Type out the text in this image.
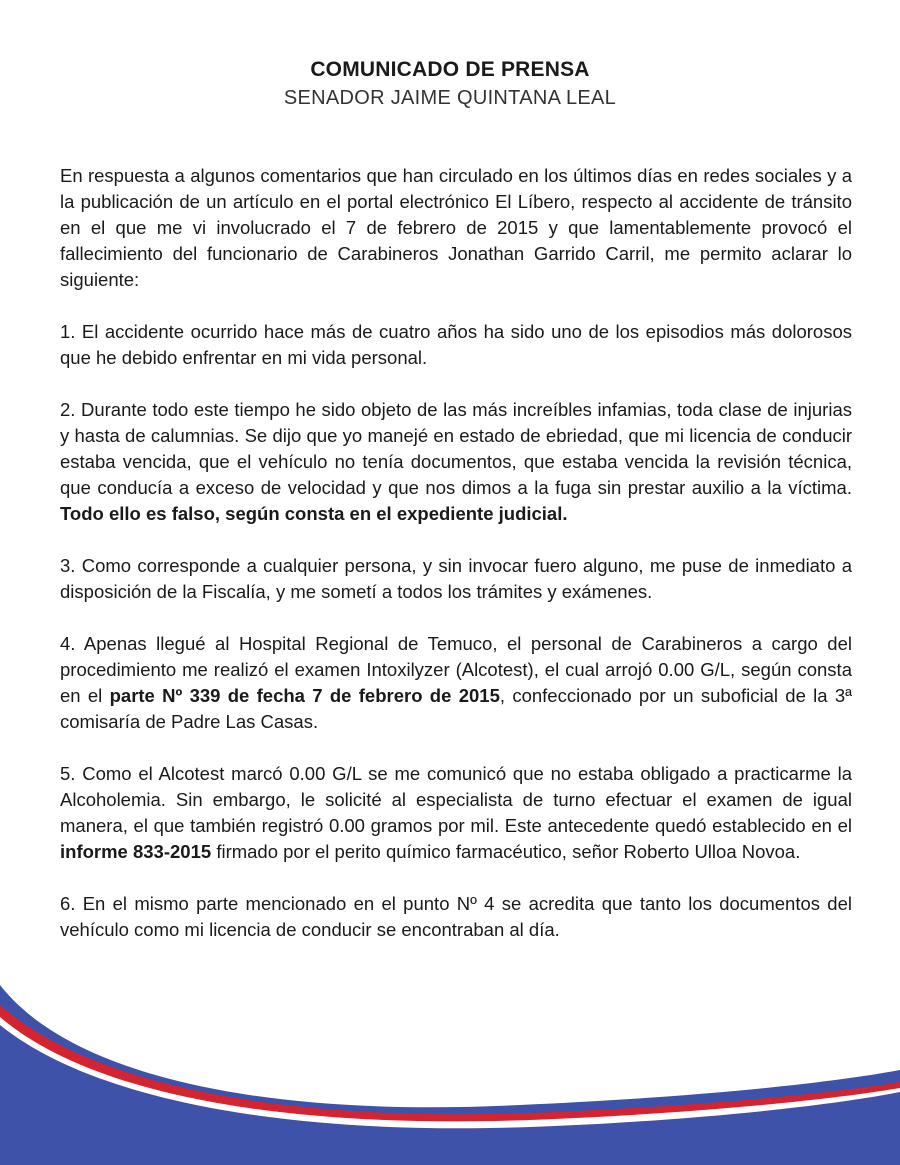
COMUNICADO DE PRENSA
SENADOR JAIME QUINTANA LEAL

En respuesta a algunos comentarios que han circulado en los últimos días en redes sociales y a la publicación de un artículo en el portal electrónico El Líbero, respecto al accidente de tránsito en el que me vi involucrado el 7 de febrero de 2015 y que lamentablemente provocó el fallecimiento del funcionario de Carabineros Jonathan Garrido Carril, me permito aclarar lo siguiente:

1. El accidente ocurrido hace más de cuatro años ha sido uno de los episodios más dolorosos que he debido enfrentar en mi vida personal.

2. Durante todo este tiempo he sido objeto de las más increíbles infamias, toda clase de injurias y hasta de calumnias. Se dijo que yo manejé en estado de ebriedad, que mi licencia de conducir estaba vencida, que el vehículo no tenía documentos, que estaba vencida la revisión técnica, que conducía a exceso de velocidad y que nos dimos a la fuga sin prestar auxilio a la víctima. Todo ello es falso, según consta en el expediente judicial.

3. Como corresponde a cualquier persona, y sin invocar fuero alguno, me puse de inmediato a disposición de la Fiscalía, y me sometí a todos los trámites y exámenes.

4. Apenas llegué al Hospital Regional de Temuco, el personal de Carabineros a cargo del procedimiento me realizó el examen Intoxilyzer (Alcotest), el cual arrojó 0.00 G/L, según consta en el parte Nº 339 de fecha 7 de febrero de 2015, confeccionado por un suboficial de la 3ª comisaría de Padre Las Casas.

5. Como el Alcotest marcó 0.00 G/L se me comunicó que no estaba obligado a practicarme la Alcoholemia. Sin embargo, le solicité al especialista de turno efectuar el examen de igual manera, el que también registró 0.00 gramos por mil. Este antecedente quedó establecido en el informe 833-2015 firmado por el perito químico farmacéutico, señor Roberto Ulloa Novoa.

6. En el mismo parte mencionado en el punto Nº 4 se acredita que tanto los documentos del vehículo como mi licencia de conducir se encontraban al día.
